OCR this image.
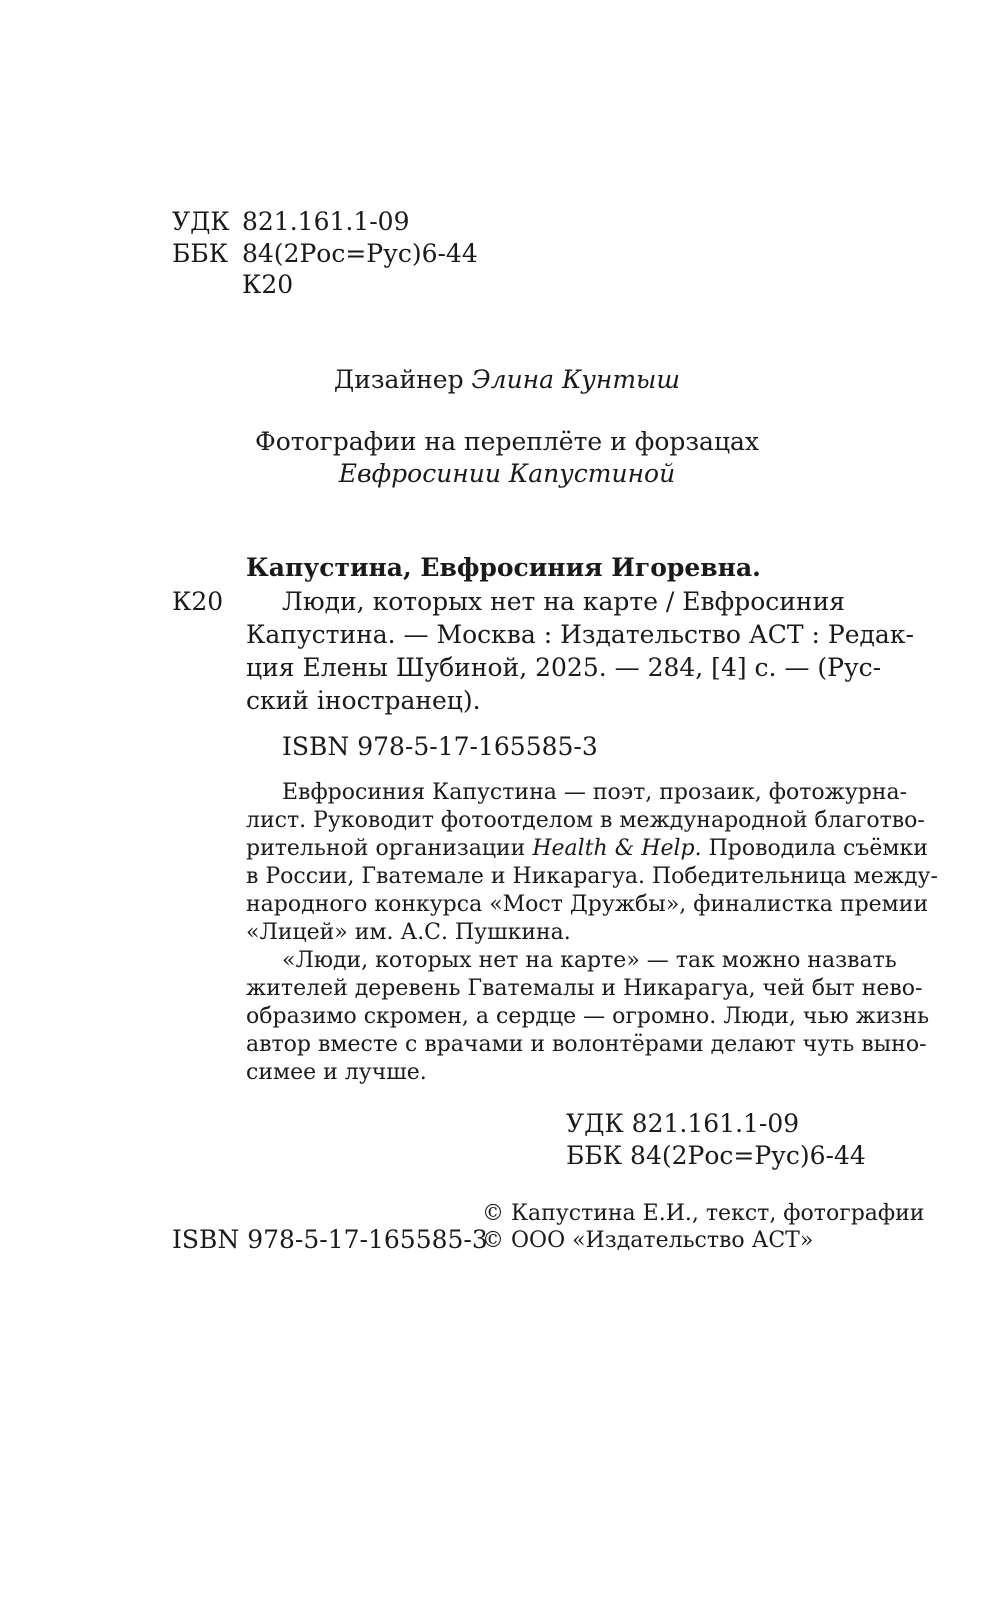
УДК 821.161.1-09
ББК 84(2Рос=Рус)6-44
К20
Дизайнер Элина Кунтыш
Фотографии на переплёте и форзацах
Евфросинии Капустиной
Капустина, Евфросиния Игоревна.
К20 Люди, которых нет на карте / Евфросиния
Капустина. — Москва : Издательство АСТ : Редак-
ция Елены Шубиной, 2025. — 284, [4] с. — (Рус-
ский iностранец).
ISBN 978-5-17-165585-3
Евфросиния Капустина — поэт, прозаик, фотожурна-
лист. Руководит фотоотделом в международной благотво-
рительной организации Health & Help. Проводила съёмки
в России, Гватемале и Никарагуа. Победительница между-
народного конкурса «Мост Дружбы», финалистка премии
«Лицей» им. А.С. Пушкина.
«Люди, которых нет на карте» — так можно назвать
жителей деревень Гватемалы и Никарагуа, чей быт нево-
образимо скромен, а сердце — огромно. Люди, чью жизнь
автор вместе с врачами и волонтёрами делают чуть выно-
симее и лучше.
УДК 821.161.1-09
ББК 84(2Рос=Рус)6-44
© Капустина Е.И., текст, фотографии
ISBN 978-5-17-165585-3
© ООО «Издательство АСТ»
